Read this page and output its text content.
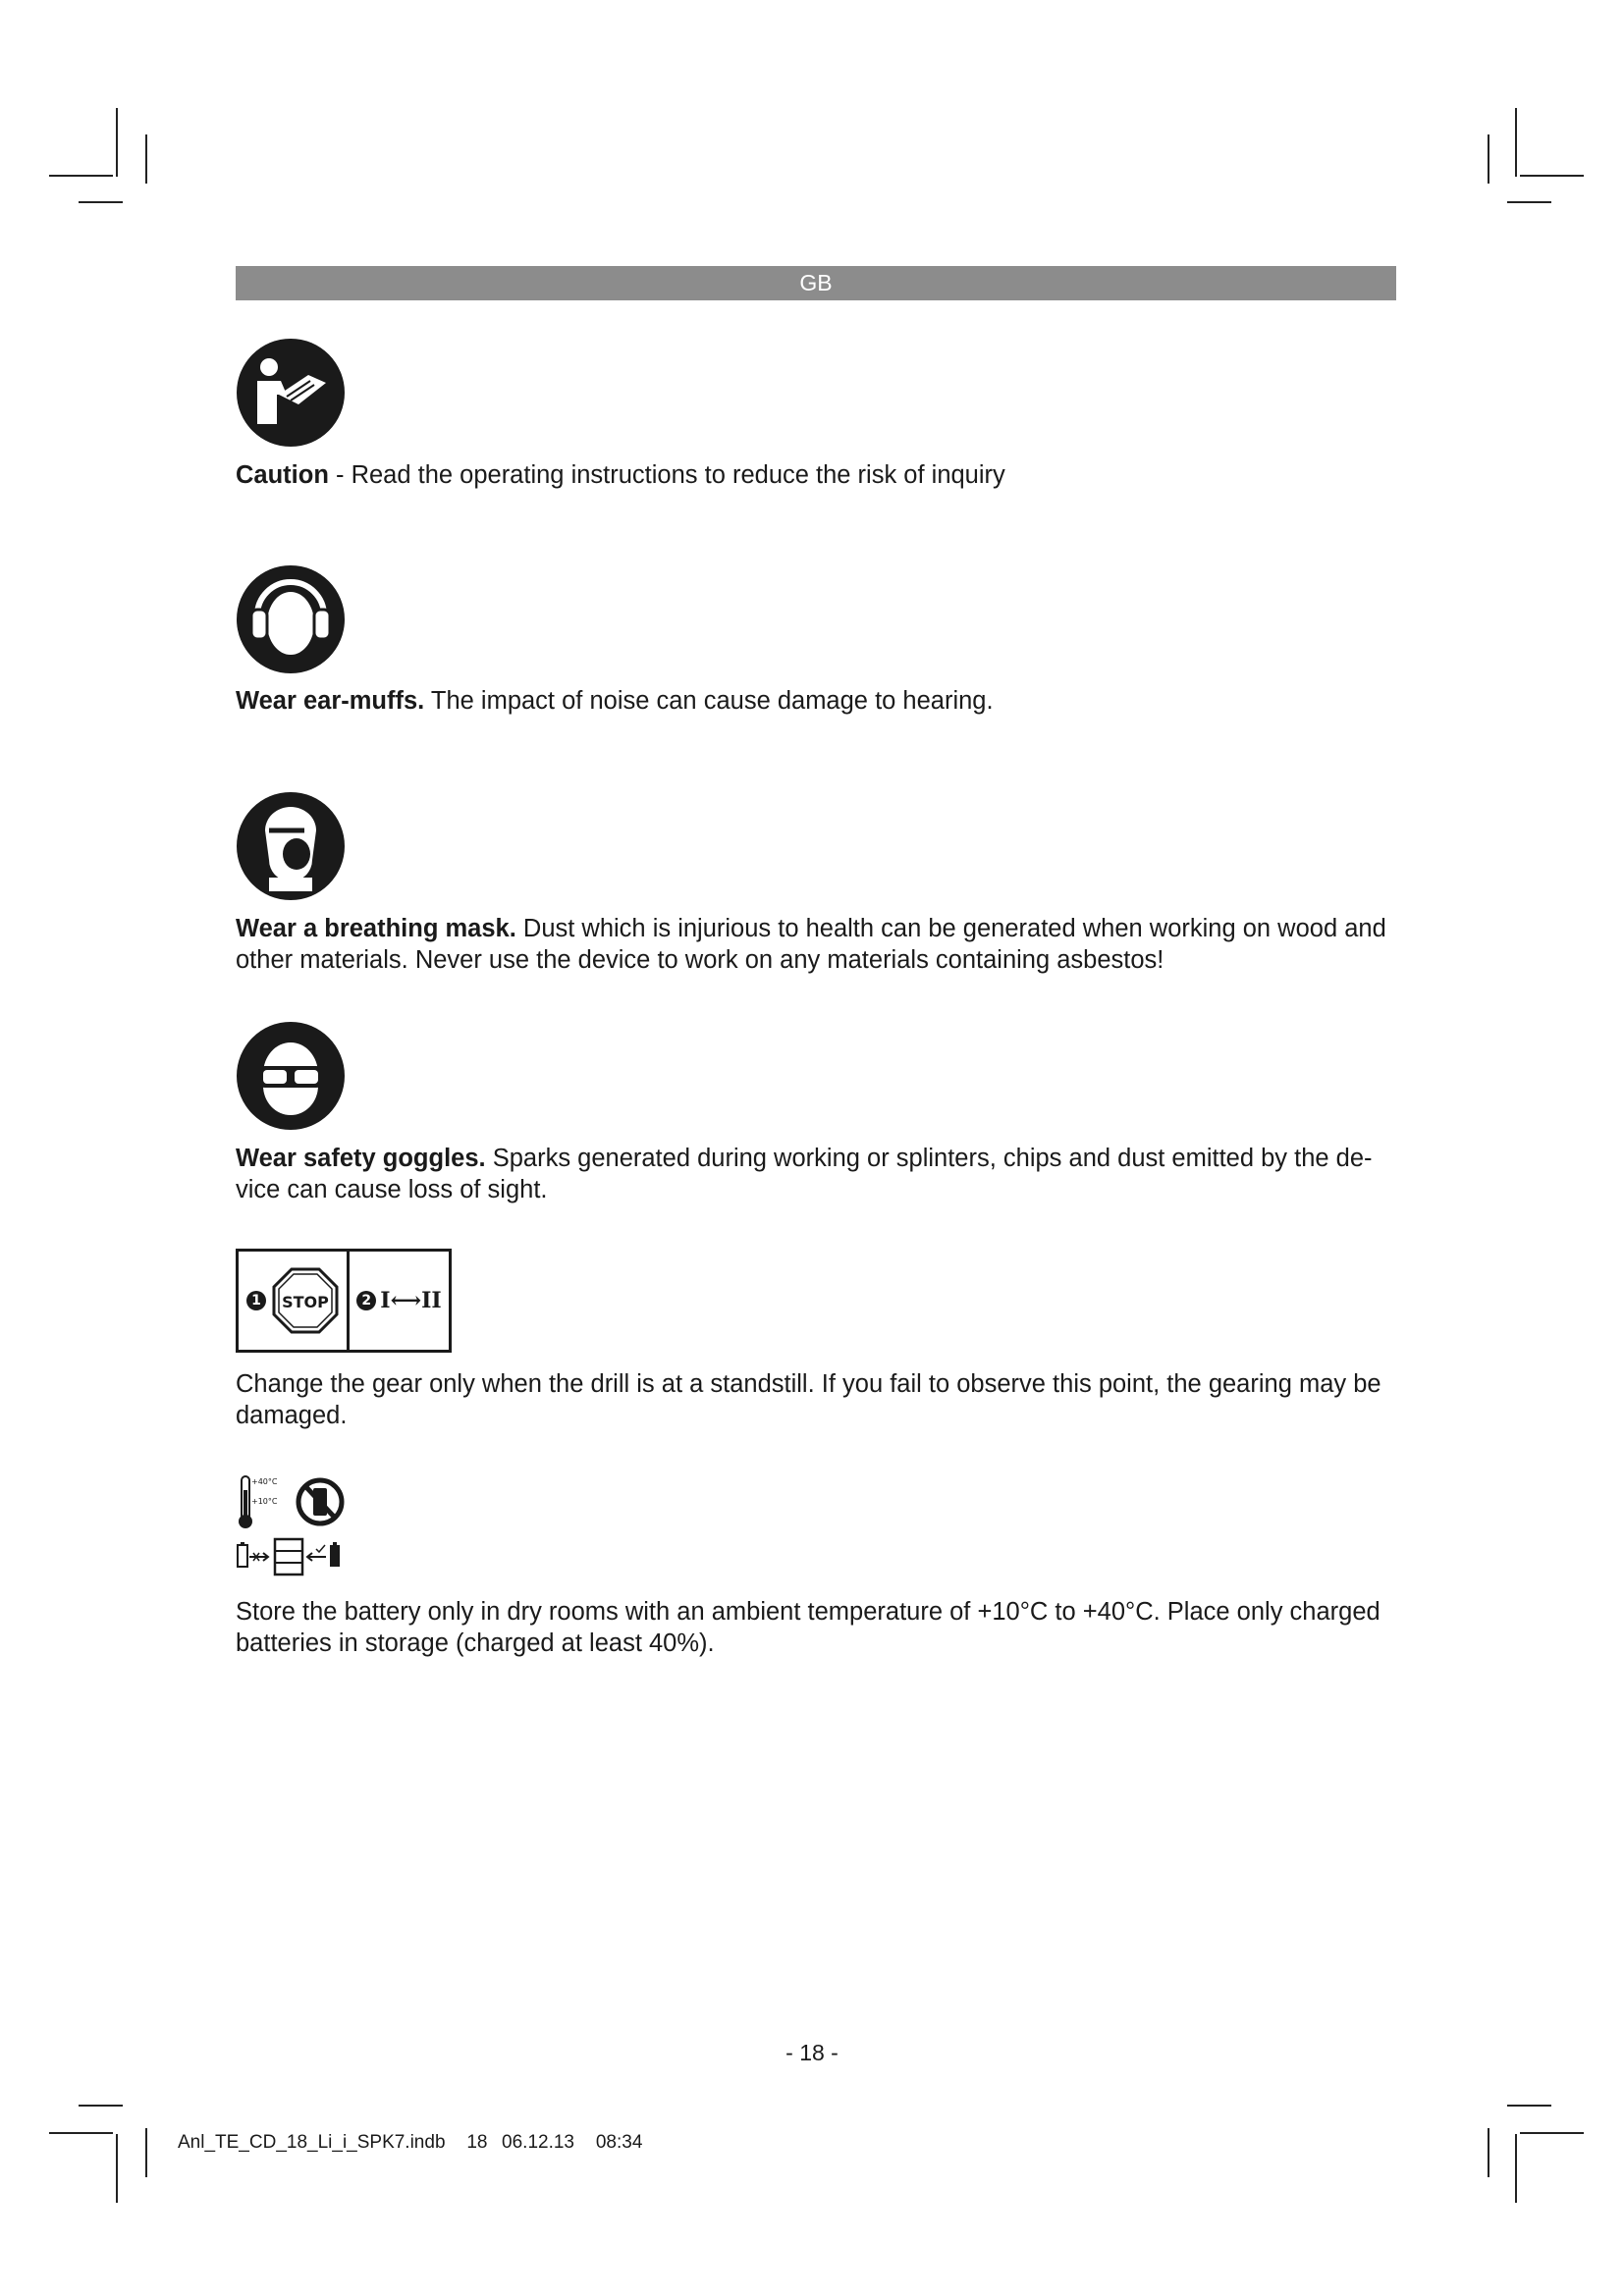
GB

Caution - Read the operating instructions to reduce the risk of inquiry

Wear ear-muffs. The impact of noise can cause damage to hearing.

Wear a breathing mask. Dust which is injurious to health can be generated when working on wood and other materials. Never use the device to work on any materials containing asbestos!

Wear safety goggles. Sparks generated during working or splinters, chips and dust emitted by the de-vice can cause loss of sight.

1	STOP	2 I⟷II

Change the gear only when the drill is at a standstill. If you fail to observe this point, the gearing may be damaged.

+40°C
+10°C

Store the battery only in dry rooms with an ambient temperature of +10°C to +40°C. Place only charged batteries in storage (charged at least 40%).

- 18 -
Anl_TE_CD_18_Li_i_SPK7.indb   18  06.12.13   08:34
